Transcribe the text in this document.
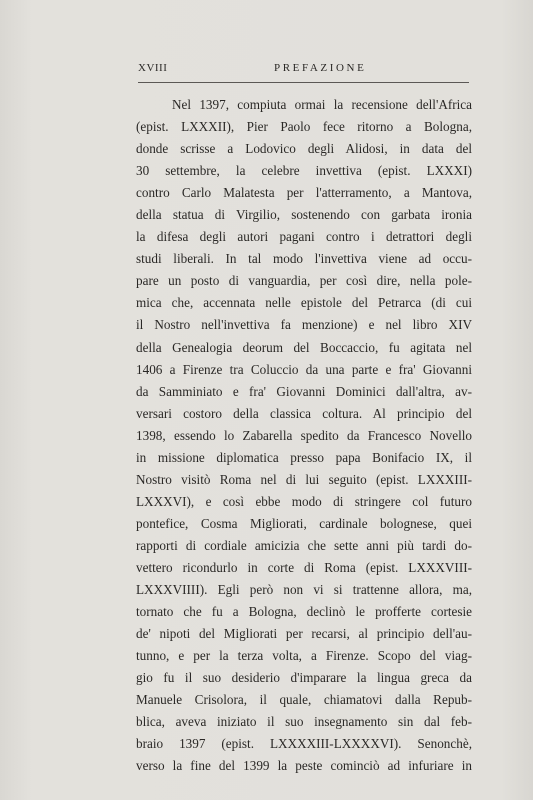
XVIII	PREFAZIONE
Nel 1397, compiuta ormai la recensione dell'Africa
(epist. LXXXII), Pier Paolo fece ritorno a Bologna,
donde scrisse a Lodovico degli Alidosi, in data del
30 settembre, la celebre invettiva (epist. LXXXI)
contro Carlo Malatesta per l'atterramento, a Mantova,
della statua di Virgilio, sostenendo con garbata ironia
la difesa degli autori pagani contro i detrattori degli
studi liberali. In tal modo l'invettiva viene ad occu-
pare un posto di vanguardia, per così dire, nella pole-
mica che, accennata nelle epistole del Petrarca (di cui
il Nostro nell'invettiva fa menzione) e nel libro XIV
della Genealogia deorum del Boccaccio, fu agitata nel
1406 a Firenze tra Coluccio da una parte e fra' Giovanni
da Samminiato e fra' Giovanni Dominici dall'altra, av-
versari costoro della classica coltura. Al principio del
1398, essendo lo Zabarella spedito da Francesco Novello
in missione diplomatica presso papa Bonifacio IX, il
Nostro visitò Roma nel di lui seguito (epist. LXXXIII-
LXXXVI), e così ebbe modo di stringere col futuro
pontefice, Cosma Migliorati, cardinale bolognese, quei
rapporti di cordiale amicizia che sette anni più tardi do-
vettero ricondurlo in corte di Roma (epist. LXXXVIII-
LXXXVIIII). Egli però non vi si trattenne allora, ma,
tornato che fu a Bologna, declinò le profferte cortesie
de' nipoti del Migliorati per recarsi, al principio dell'au-
tunno, e per la terza volta, a Firenze. Scopo del viag-
gio fu il suo desiderio d'imparare la lingua greca da
Manuele Crisolora, il quale, chiamatovi dalla Repub-
blica, aveva iniziato il suo insegnamento sin dal feb-
braio 1397 (epist. LXXXXIII-LXXXXVI). Senonchè,
verso la fine del 1399 la peste cominciò ad infuriare in
